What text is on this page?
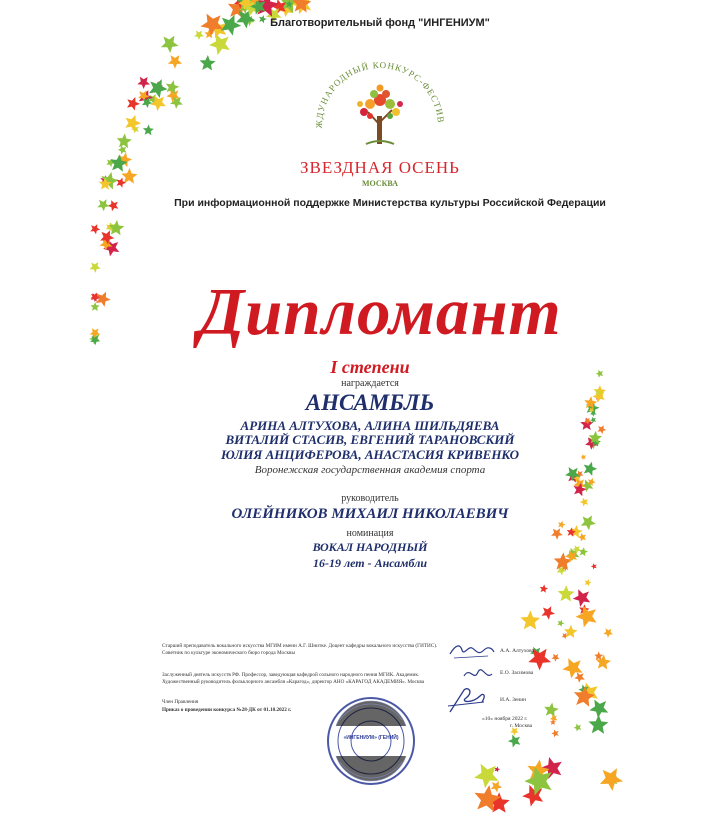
Благотворительный фонд "ИНГЕНИУМ"
ЖДУНАРОДНЫЙ КОНКУРС-ФЕСТИВ
ЗВЕЗДНАЯ ОСЕНЬ
МОСКВА
При информационной поддержке Министерства культуры Российской Федерации
Дипломант
I степени
награждается
АНСАМБЛЬ
АРИНА АЛТУХОВА, АЛИНА ШИЛЬДЯЕВА
ВИТАЛИЙ СТАСИВ, ЕВГЕНИЙ ТАРАНОВСКИЙ
ЮЛИЯ АНЦИФЕРОВА, АНАСТАСИЯ КРИВЕНКО
Воронежская государственная академия спорта
руководитель
ОЛЕЙНИКОВ МИХАИЛ НИКОЛАЕВИЧ
номинация
ВОКАЛ НАРОДНЫЙ
16-19 лет - Ансамбли
Старший преподаватель вокального искусства МГИМ имени А.Г. Шнитке. Доцент кафедры вокального искусства (ГИТИС). Советник по культуре экономического бюро города Москвы	А.А. Алтухова
Заслуженный деятель искусств РФ. Профессор, заведующая кафедрой сольного народного пения МГИК. Академик. Художественный руководитель фольклорного ансамбля «Карагод», директор АНО «КАРАГОД АКАДЕМИЯ». Москва
Е.О. Засимова
Член Правления
Приказ о проведении конкурса №28-ДК от 01.10.2022 г.
И.А. Зенин
«10» ноября 2022 г.
г. Москва
«ИНГЕНИУМ» (ГЕНИЙ)
